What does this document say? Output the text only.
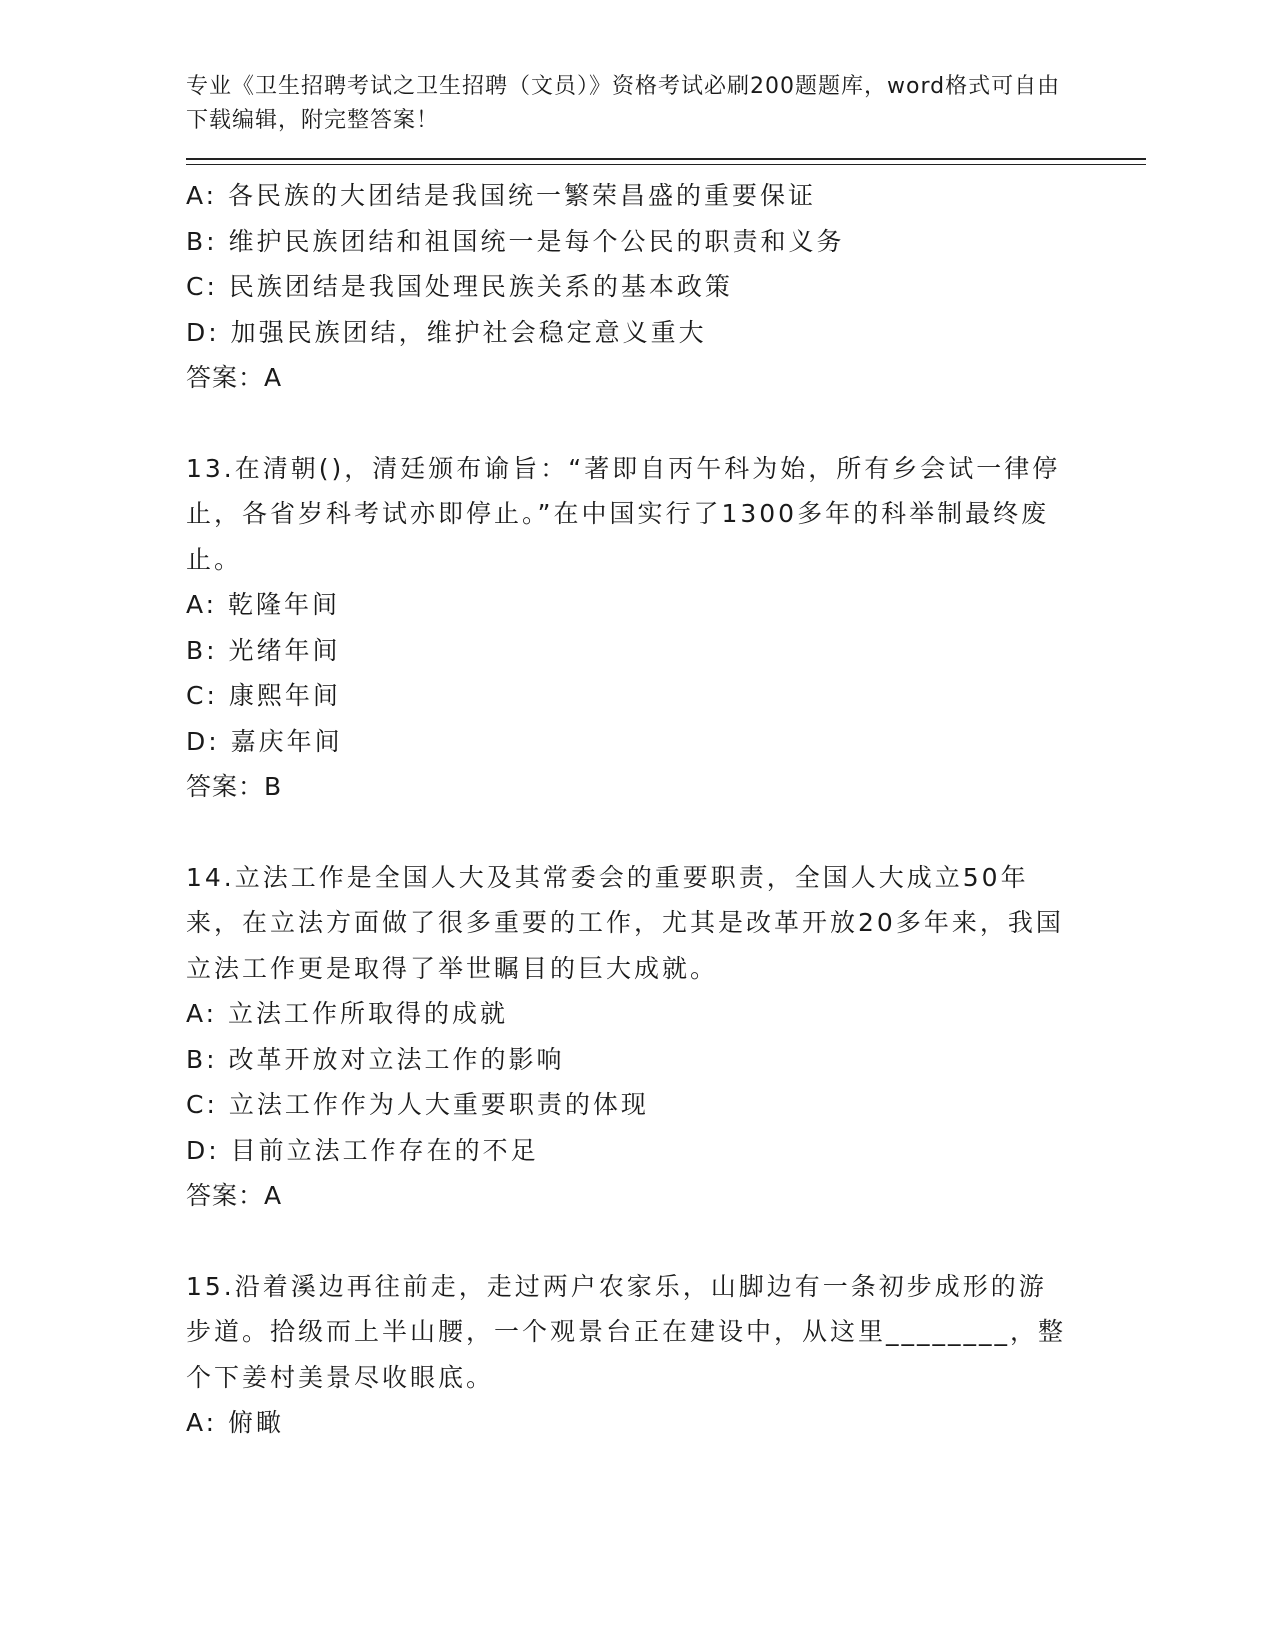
专业《卫生招聘考试之卫生招聘（文员）》资格考试必刷200题题库，word格式可自由下载编辑，附完整答案！
A: 各民族的大团结是我国统一繁荣昌盛的重要保证
B: 维护民族团结和祖国统一是每个公民的职责和义务
C: 民族团结是我国处理民族关系的基本政策
D: 加强民族团结，维护社会稳定意义重大
答案：A
13.在清朝()，清廷颁布谕旨：“著即自丙午科为始，所有乡会试一律停止，各省岁科考试亦即停止。”在中国实行了1300多年的科举制最终废止。
A: 乾隆年间
B: 光绪年间
C: 康熙年间
D: 嘉庆年间
答案：B
14.立法工作是全国人大及其常委会的重要职责，全国人大成立50年来，在立法方面做了很多重要的工作，尤其是改革开放20多年来，我国立法工作更是取得了举世瞩目的巨大成就。
A: 立法工作所取得的成就
B: 改革开放对立法工作的影响
C: 立法工作作为人大重要职责的体现
D: 目前立法工作存在的不足
答案：A
15.沿着溪边再往前走，走过两户农家乐，山脚边有一条初步成形的游步道。拾级而上半山腰，一个观景台正在建设中，从这里________，整个下姜村美景尽收眼底。
A: 俯瞰
